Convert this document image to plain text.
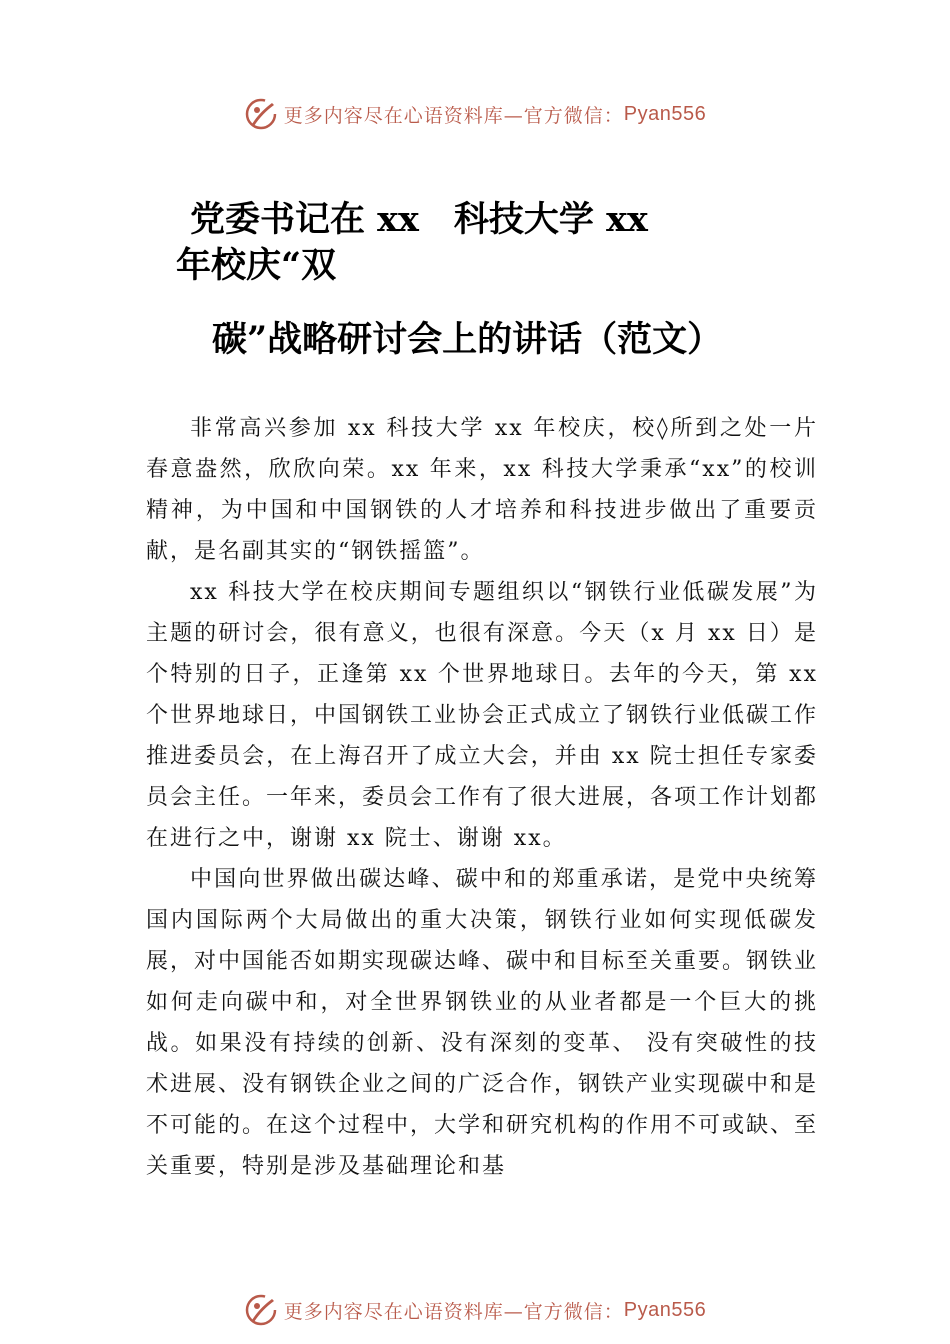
更多内容尽在心语资料库—官方微信： Pyan556
党委书记在 xx　科技大学 xx
年校庆“双
碳”战略研讨会上的讲话（范文）

非常高兴参加 xx 科技大学 xx 年校庆，校◊所到之处一片春意盎然，欣欣向荣。xx 年来，xx 科技大学秉承“xx”的校训精神，为中国和中国钢铁的人才培养和科技进步做出了重要贡献，是名副其实的“钢铁摇篮”。

xx 科技大学在校庆期间专题组织以“钢铁行业低碳发展”为主题的研讨会，很有意义，也很有深意。今天（x 月 xx 日）是个特别的日子，正逢第 xx 个世界地球日。去年的今天，第 xx 个世界地球日，中国钢铁工业协会正式成立了钢铁行业低碳工作推进委员会，在上海召开了成立大会，并由 xx 院士担任专家委员会主任。一年来，委员会工作有了很大进展，各项工作计划都在进行之中，谢谢 xx 院士、谢谢 xx。

中国向世界做出碳达峰、碳中和的郑重承诺，是党中央统筹国内国际两个大局做出的重大决策，钢铁行业如何实现低碳发展，对中国能否如期实现碳达峰、碳中和目标至关重要。钢铁业如何走向碳中和，对全世界钢铁业的从业者都是一个巨大的挑战。如果没有持续的创新、没有深刻的变革、 没有突破性的技术进展、没有钢铁企业之间的广泛合作，钢铁产业实现碳中和是不可能的。在这个过程中，大学和研究机构的作用不可或缺、至关重要，特别是涉及基础理论和基

更多内容尽在心语资料库—官方微信： Pyan556
